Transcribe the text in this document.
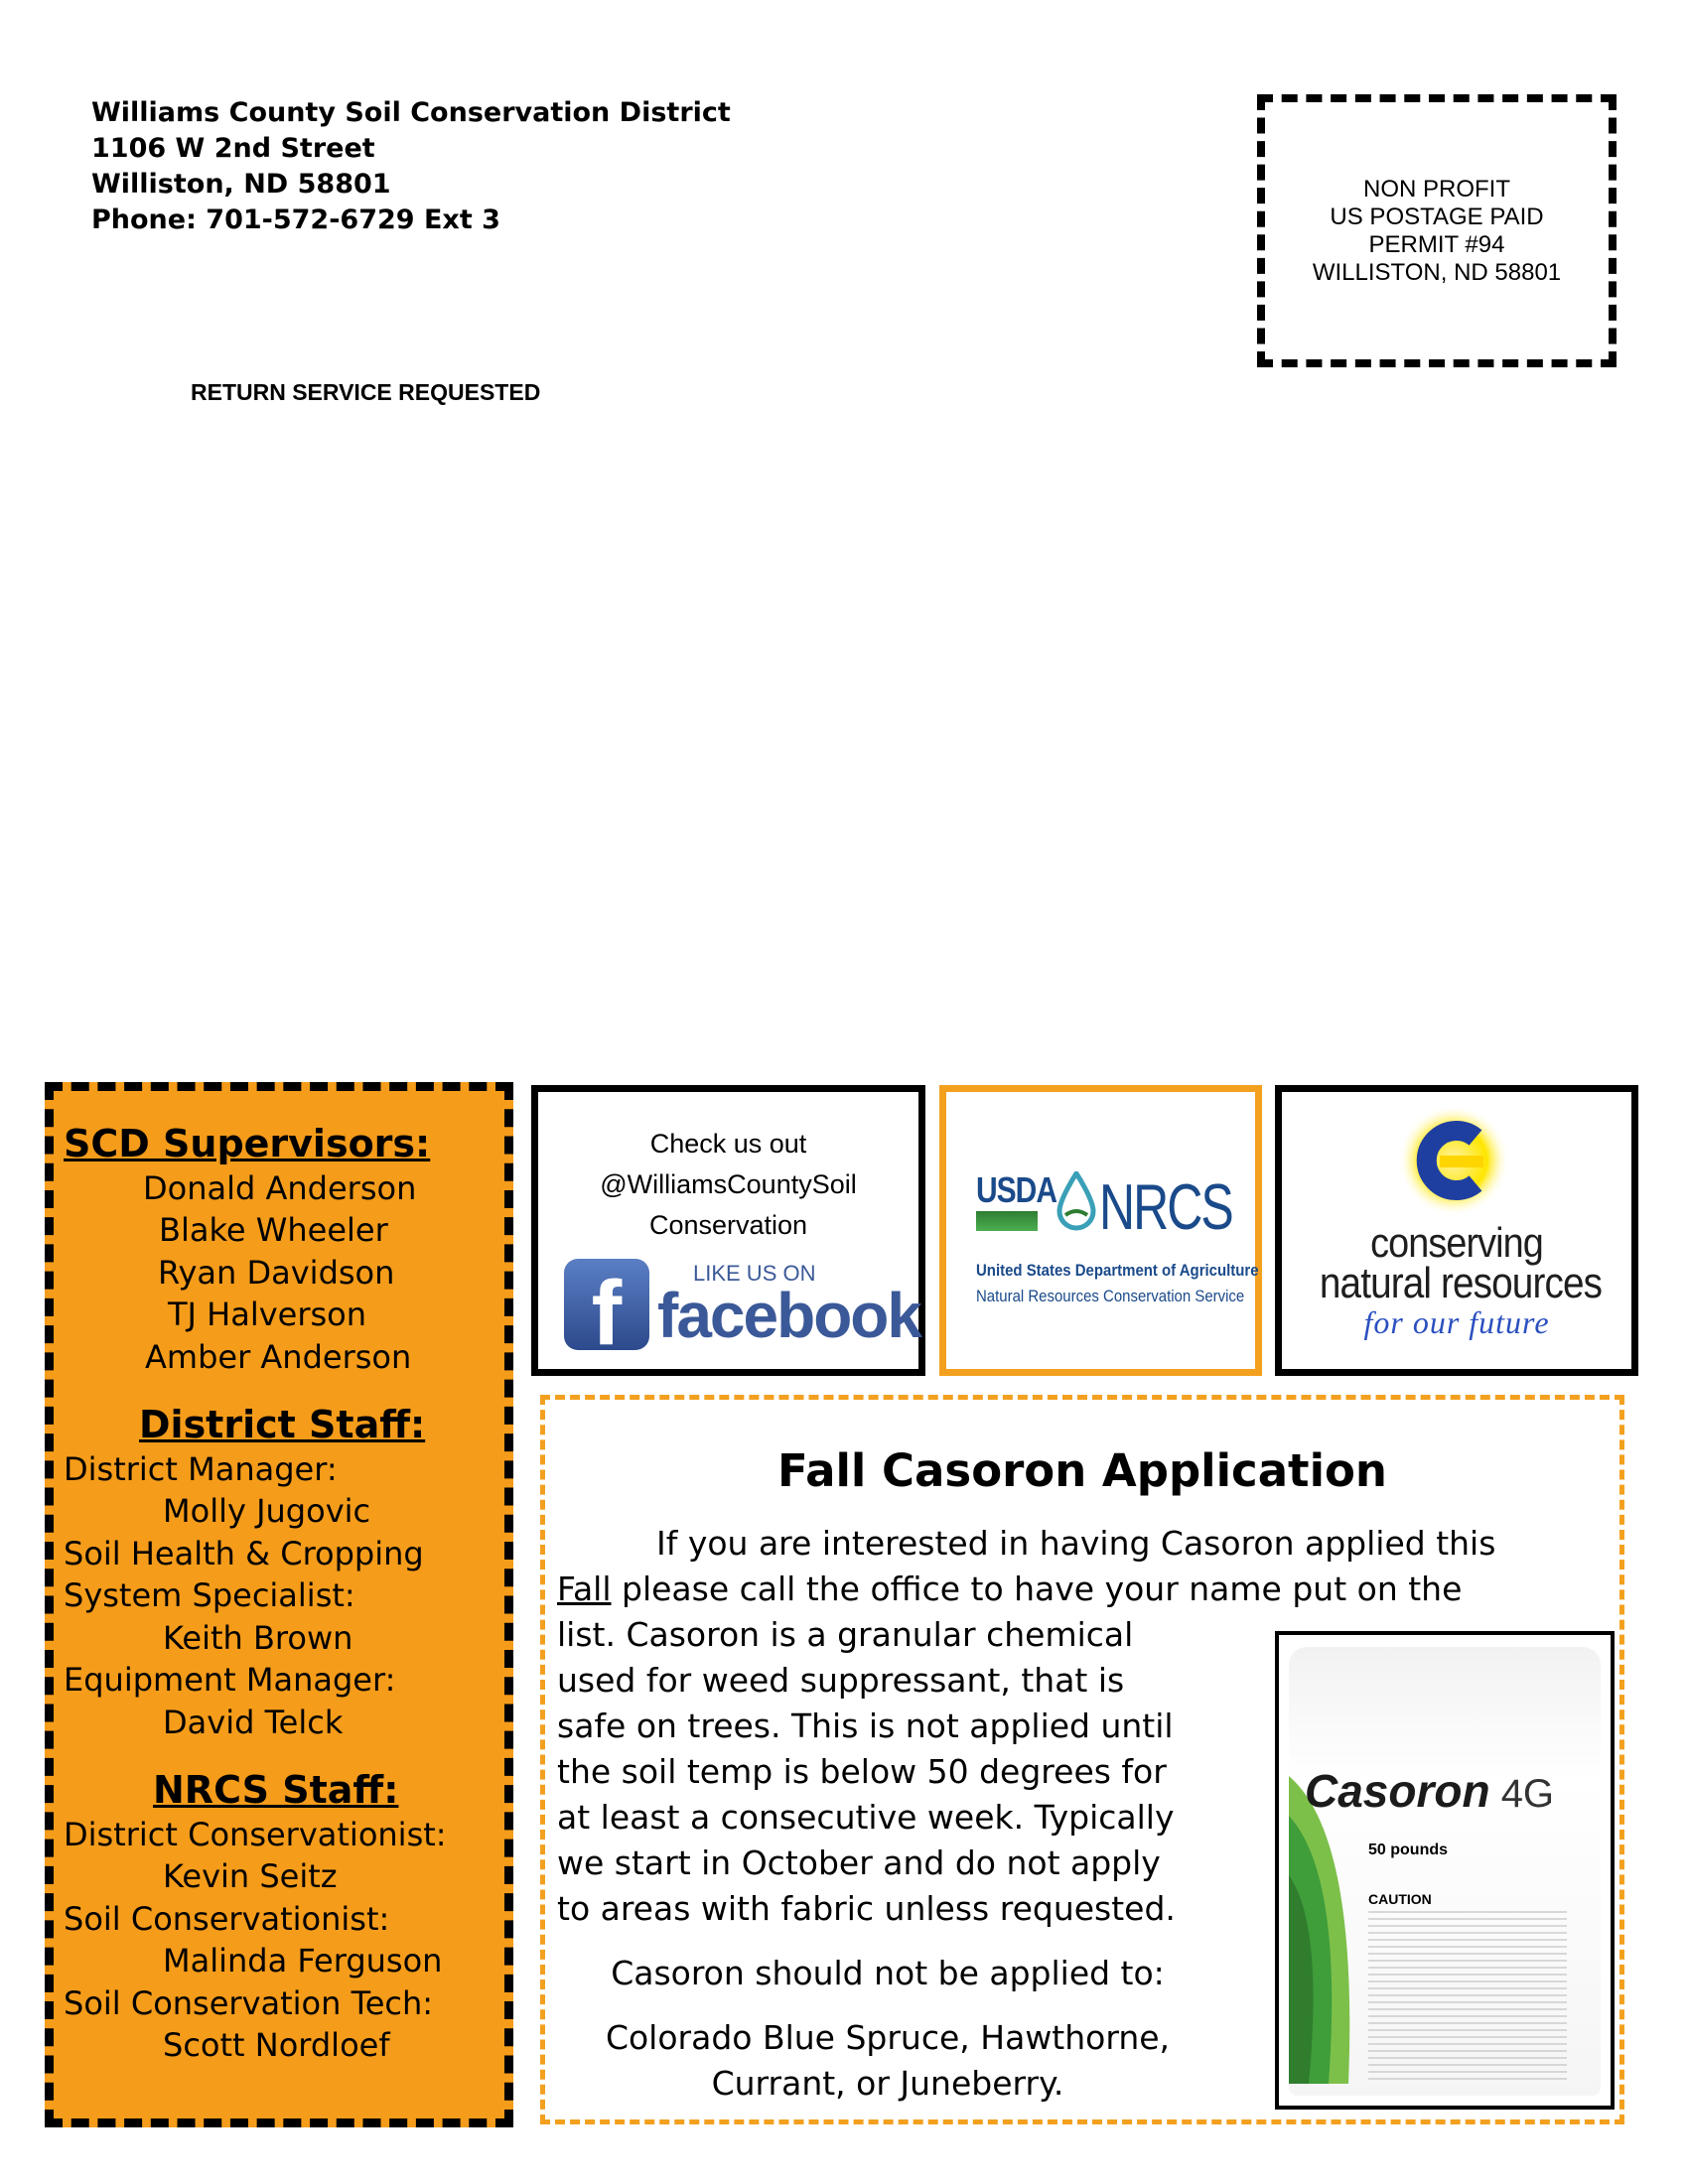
Williams County Soil Conservation District
1106 W 2nd Street
Williston, ND 58801
Phone: 701-572-6729 Ext 3
RETURN SERVICE REQUESTED
NON PROFIT
US POSTAGE PAID
PERMIT #94
WILLISTON, ND 58801
SCD Supervisors:
Donald Anderson
Blake Wheeler
Ryan Davidson
TJ Halverson
Amber Anderson
District Staff:
District Manager:
Molly Jugovic
Soil Health & Cropping
System Specialist:
Keith Brown
Equipment Manager:
David Telck
NRCS Staff:
District Conservationist:
Kevin Seitz
Soil Conservationist:
Malinda Ferguson
Soil Conservation Tech:
Scott Nordloef
Check us out
@WilliamsCountySoil
Conservation
f	LIKE US ON
facebook
USDA NRCS
United States Department of Agriculture
Natural Resources Conservation Service
conserving
natural resources
for our future
Fall Casoron Application
If you are interested in having Casoron applied this
Fall please call the office to have your name put on the
list. Casoron is a granular chemical
used for weed suppressant, that is
safe on trees. This is not applied until
the soil temp is below 50 degrees for
at least a consecutive week. Typically
we start in October and do not apply
to areas with fabric unless requested.
Casoron should not be applied to:
Colorado Blue Spruce, Hawthorne,
Currant, or Juneberry.
Casoron 4G
50 pounds
CAUTION
